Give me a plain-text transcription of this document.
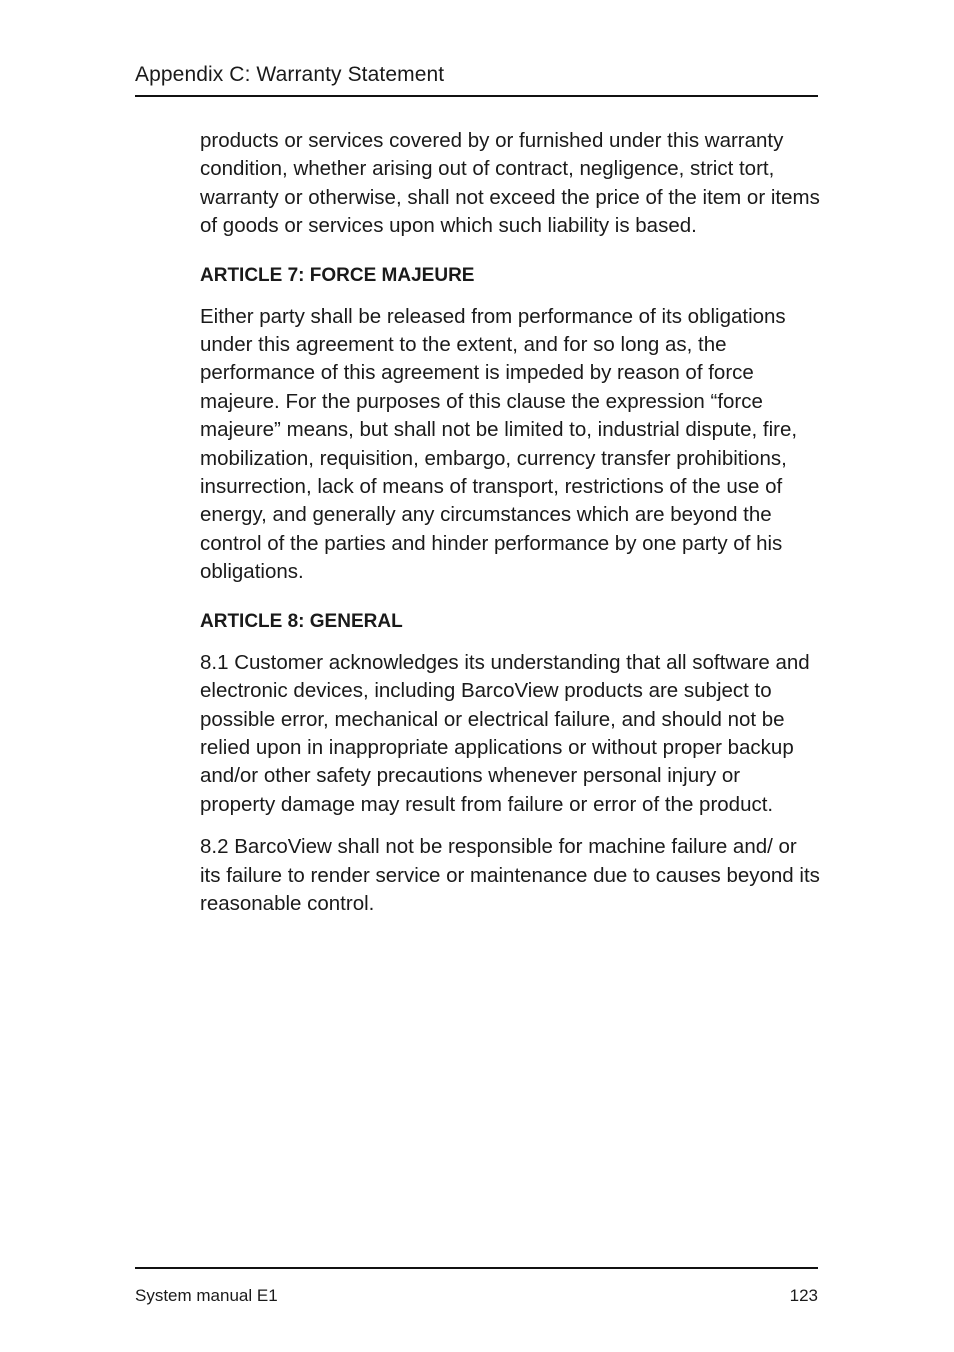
Appendix C: Warranty Statement

products or services covered by or furnished under this warranty condition, whether arising out of contract, negligence, strict tort, warranty or otherwise, shall not exceed the price of the item or items of goods or services upon which such liability is based.

ARTICLE 7: FORCE MAJEURE

Either party shall be released from performance of its obligations under this agreement to the extent, and for so long as, the performance of this agreement is impeded by reason of force majeure. For the purposes of this clause the expression “force majeure” means, but shall not be limited to, industrial dispute, fire, mobilization, requisition, embargo, currency transfer prohibitions, insurrection, lack of means of transport, restrictions of the use of energy, and generally any circumstances which are beyond the control of the parties and hinder performance by one party of his obligations.

ARTICLE 8: GENERAL

8.1 Customer acknowledges its understanding that all software and electronic devices, including BarcoView products are subject to possible error, mechanical or electrical failure, and should not be relied upon in inappropriate applications or without proper backup and/or other safety precautions whenever personal injury or property damage may result from failure or error of the product.

8.2 BarcoView shall not be responsible for machine failure and/ or its failure to render service or maintenance due to causes beyond its reasonable control.

System manual E1	123
